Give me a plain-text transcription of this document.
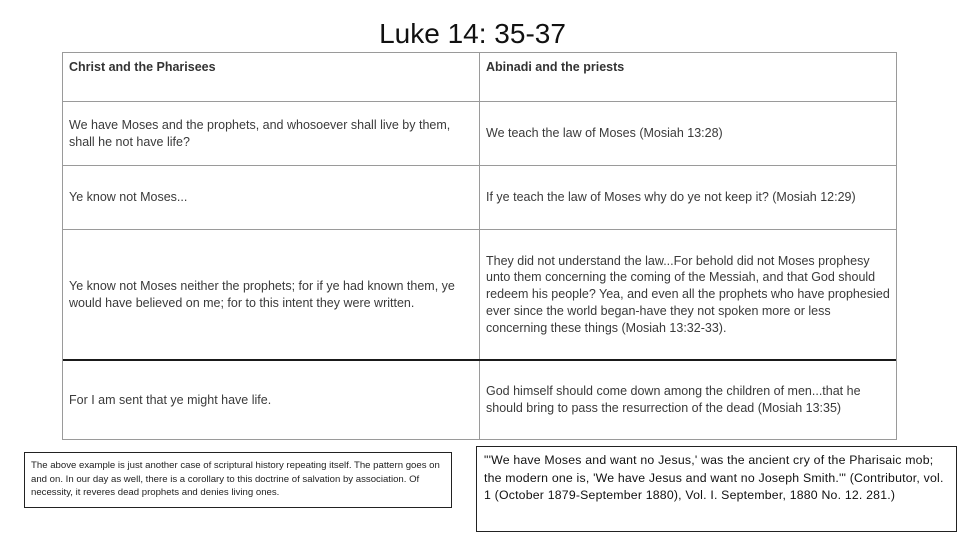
Luke 14: 35-37
Christ and the Pharisees	Abinadi and the priests
We have Moses and the prophets, and whosoever shall live by them, shall he not have life?
We teach the law of Moses (Mosiah 13:28)
Ye know not Moses...	If ye teach the law of Moses why do ye not keep it? (Mosiah 12:29)
Ye know not Moses neither the prophets; for if ye had known them, ye would have believed on me; for to this intent they were written.
They did not understand the law...For behold did not Moses prophesy unto them concerning the coming of the Messiah, and that God should redeem his people? Yea, and even all the prophets who have prophesied ever since the world began-have they not spoken more or less concerning these things (Mosiah 13:32-33).
For I am sent that ye might have life.
God himself should come down among the children of men...that he should bring to pass the resurrection of the dead (Mosiah 13:35)
The above example is just another case of scriptural history repeating itself. The pattern goes on and on. In our day as well, there is a corollary to this doctrine of salvation by association. Of necessity, it reveres dead prophets and denies living ones.
"'We have Moses and want no Jesus,' was the ancient cry of the Pharisaic mob; the modern one is, 'We have Jesus and want no Joseph Smith.'" (Contributor, vol. 1 (October 1879-September 1880), Vol. I. September, 1880 No. 12. 281.)
